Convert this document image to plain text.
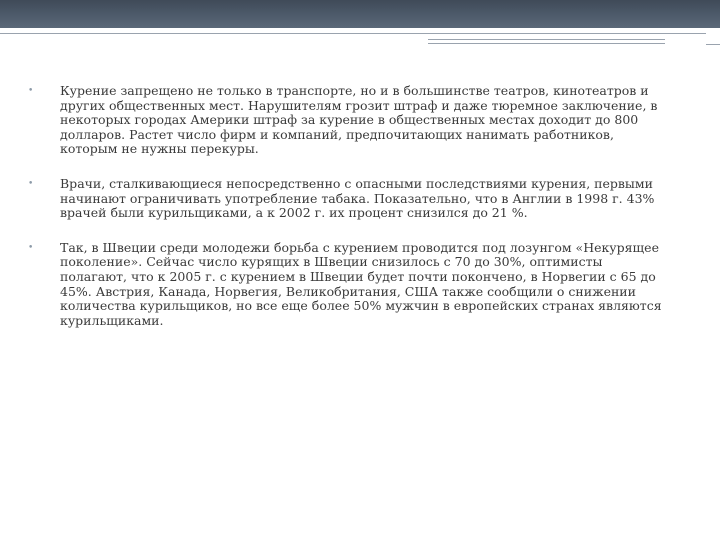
• Курение запрещено не только в транспорте, но и в большинстве театров, кинотеатров и других общественных мест. Нарушителям грозит штраф и даже тюремное заключение, в некоторых городах Америки штраф за курение в общественных местах доходит до 800 долларов. Растет число фирм и компаний, предпочитающих нанимать работников, которым не нужны перекуры.
• Врачи, сталкивающиеся непосредственно с опасными последствиями курения, первыми начинают ограничивать употребление табака. Показательно, что в Англии в 1998 г. 43% врачей были курильщиками, а к 2002 г. их процент снизился до 21 %.
• Так, в Швеции среди молодежи борьба с курением проводится под лозунгом «Некурящее поколение». Сейчас число курящих в Швеции снизилось с 70 до 30%, оптимисты полагают, что к 2005 г. с курением в Швеции будет почти покончено, в Норвегии с 65 до 45%. Австрия, Канада, Норвегия, Великобритания, США также сообщили о снижении количества курильщиков, но все еще более 50% мужчин в европейских странах являются курильщиками.
